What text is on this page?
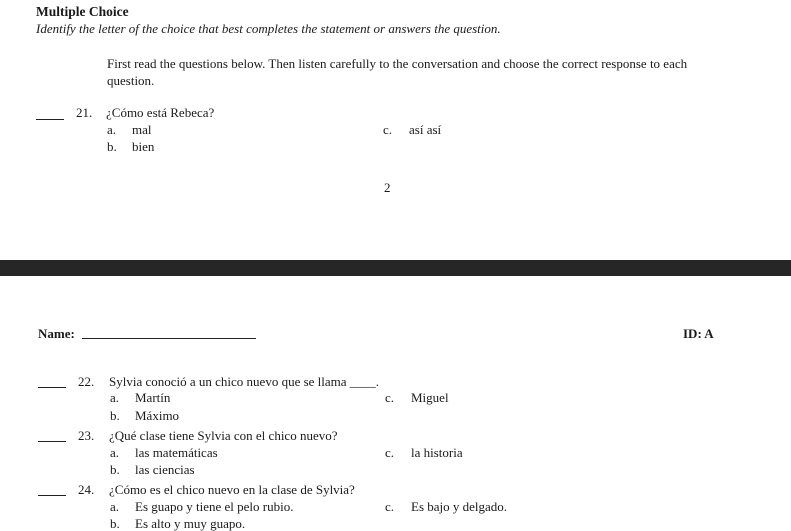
Multiple Choice
Identify the letter of the choice that best completes the statement or answers the question.
First read the questions below. Then listen carefully to the conversation and choose the correct response to each question.
21. ¿Cómo está Rebeca?
a. mal
b. bien
c. así así
2
Name:	ID: A
22. Sylvia conoció a un chico nuevo que se llama ____.
a. Martín
b. Máximo
c. Miguel
23. ¿Qué clase tiene Sylvia con el chico nuevo?
a. las matemáticas
b. las ciencias
c. la historia
24. ¿Cómo es el chico nuevo en la clase de Sylvia?
a. Es guapo y tiene el pelo rubio.
b. Es alto y muy guapo.
c. Es bajo y delgado.
